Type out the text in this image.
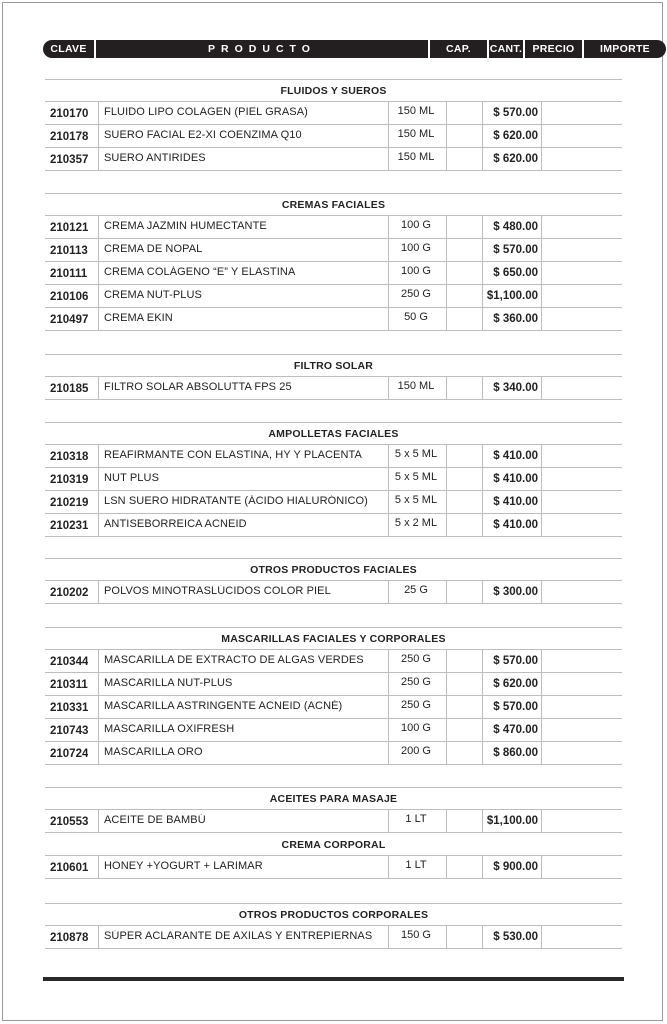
CLAVE	PRODUCTO	CAP.	CANT. PRECIO	IMPORTE
FLUIDOS Y SUEROS
210170 FLUIDO LIPO COLAGEN (PIEL GRASA)	150 ML	$ 570.00
210178 SUERO FACIAL E2-XI COENZIMA Q10	150 ML	$ 620.00
210357 SUERO ANTIRIDES	150 ML	$ 620.00
CREMAS FACIALES
210121 CREMA JAZMIN HUMECTANTE	100 G	$ 480.00
210113 CREMA DE NOPAL	100 G	$ 570.00
210111 CREMA COLÁGENO “E” Y ELASTINA	100 G	$ 650.00
210106 CREMA NUT-PLUS	250 G	$1,100.00
210497 CREMA EKIN	50 G	$ 360.00
FILTRO SOLAR
210185 FILTRO SOLAR ABSOLUTTA FPS 25	150 ML	$ 340.00
AMPOLLETAS FACIALES
210318 REAFIRMANTE CON ELASTINA, HY Y PLACENTA	5 x 5 ML	$ 410.00
210319 NUT PLUS	5 x 5 ML	$ 410.00
210219 LSN SUERO HIDRATANTE (ÁCIDO HIALURÓNICO)	5 x 5 ML	$ 410.00
210231 ANTISEBORREICA ACNEID	5 x 2 ML	$ 410.00
OTROS PRODUCTOS FACIALES
210202 POLVOS MINOTRASLÚCIDOS COLOR PIEL	25 G	$ 300.00
MASCARILLAS FACIALES Y CORPORALES
210344 MASCARILLA DE EXTRACTO DE ALGAS VERDES	250 G	$ 570.00
210311 MASCARILLA NUT-PLUS	250 G	$ 620.00
210331 MASCARILLA ASTRINGENTE ACNEID (ACNÉ)	250 G	$ 570.00
210743 MASCARILLA OXIFRESH	100 G	$ 470.00
210724 MASCARILLA ORO	200 G	$ 860.00
ACEITES PARA MASAJE
210553 ACEITE DE BAMBÚ	1 LT	$1,100.00
CREMA CORPORAL
210601 HONEY +YOGURT + LARIMAR	1 LT	$ 900.00
OTROS PRODUCTOS CORPORALES
210878 SÚPER ACLARANTE DE AXILAS Y ENTREPIERNAS	150 G	$ 530.00
